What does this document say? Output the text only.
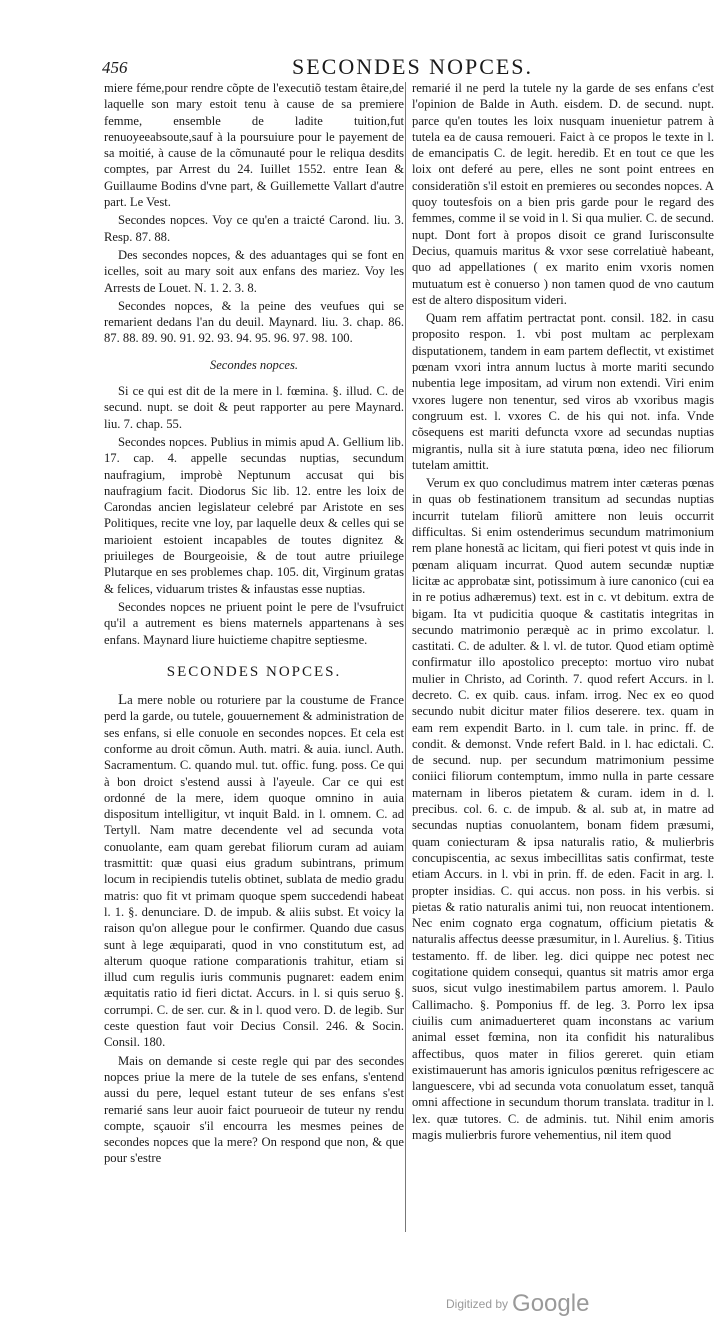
456	SECONDES NOPCES.

miere féme,pour rendre cõpte de l'executiõ testam êtaire,de laquelle son mary estoit tenu à cause de sa premiere femme, ensemble de ladite tuition,fut renuoyeeabsoute,sauf à la poursuiure pour le payement de sa moitié, à cause de la cõmunauté pour le reliqua desdits comptes, par Arrest du 24. Iuillet 1552. entre Iean & Guillaume Bodins d'vne part, & Guillemette Vallart d'autre part. Le Vest.

Secondes nopces. Voy ce qu'en a traicté Carond. liu. 3. Resp. 87. 88.

Des secondes nopces, & des aduantages qui se font en icelles, soit au mary soit aux enfans des mariez. Voy les Arrests de Louet. N. 1. 2. 3. 8.

Secondes nopces, & la peine des veufues qui se remarient dedans l'an du deuil. Maynard. liu. 3. chap. 86. 87. 88. 89. 90. 91. 92. 93. 94. 95. 96. 97. 98. 100.

Secondes nopces.

Si ce qui est dit de la mere in l. fœmina. §. illud. C. de secund. nupt. se doit & peut rapporter au pere Maynard. liu. 7. chap. 55.

Secondes nopces. Publius in mimis apud A. Gellium lib. 17. cap. 4. appelle secundas nuptias, secundum naufragium, improbè Neptunum accusat qui bis naufragium facit. Diodorus Sic lib. 12. entre les loix de Carondas ancien legislateur celebré par Aristote en ses Politiques, recite vne loy, par laquelle deux & celles qui se marioient estoient incapables de toutes dignitez & priuileges de Bourgeoisie, & de tout autre priuilege Plutarque en ses problemes chap. 105. dit, Virginum gratas & felices, viduarum tristes & infaustas esse nuptias.

Secondes nopces ne priuent point le pere de l'vsufruict qu'il a autrement es biens maternels appartenans à ses enfans. Maynard liure huictieme chapitre septiesme.

SECONDES NOPCES.

La mere noble ou roturiere par la coustume de France perd la garde, ou tutele, gouuernement & administration de ses enfans, si elle conuole en secondes nopces. Et cela est conforme au droit cõmun. Auth. matri. & auia. iuncl. Auth. Sacramentum. C. quando mul. tut. offic. fung. poss. Ce qui à bon droict s'estend aussi à l'ayeule. Car ce qui est ordonné de la mere, idem quoque omnino in auia dispositum intelligitur, vt inquit Bald. in l. omnem. C. ad Tertyll. Nam matre decendente vel ad secunda vota conuolante, eam quam gerebat filiorum curam ad auiam trasmittit: quæ quasi eius gradum subintrans, primum locum in recipiendis tutelis obtinet, sublata de medio gradu matris: quo fit vt primam quoque spem succedendi habeat l. 1. §. denunciare. D. de impub. & aliis subst. Et voicy la raison qu'on allegue pour le confirmer. Quando due casus sunt à lege æquiparati, quod in vno constitutum est, ad alterum quoque ratione comparationis trahitur, etiam si illud cum regulis iuris communis pugnaret: eadem enim æquitatis ratio id fieri dictat. Accurs. in l. si quis seruo §. corrumpi. C. de ser. cur. & in l. quod vero. D. de legib. Sur ceste question faut voir Decius Consil. 246. & Socin. Consil. 180.

Mais on demande si ceste regle qui par des secondes nopces priue la mere de la tutele de ses enfans, s'entend aussi du pere, lequel estant tuteur de ses enfans s'est remarié sans leur auoir faict pourueoir de tuteur ny rendu compte, sçauoir s'il encourra les mesmes peines de secondes nopces que la mere? On respond que non, & que pour s'estre

remarié il ne perd la tutele ny la garde de ses enfans c'est l'opinion de Balde in Auth. eisdem. D. de secund. nupt. parce qu'en toutes les loix nusquam inuenietur patrem à tutela ea de causa remoueri. Faict à ce propos le texte in l. de emancipatis C. de legit. heredib. Et en tout ce que les loix ont deferé au pere, elles ne sont point entrees en consideratiõn s'il estoit en premieres ou secondes nopces. A quoy toutesfois on a bien pris garde pour le regard des femmes, comme il se void in l. Si qua mulier. C. de secund. nupt. Dont fort à propos disoit ce grand Iurisconsulte Decius, quamuis maritus & vxor sese correlatiuè habeant, quo ad appellationes ( ex marito enim vxoris nomen mutuatum est è conuerso ) non tamen quod de vno cautum est de altero dispositum videri.

Quam rem affatim pertractat pont. consil. 182. in casu proposito respon. 1. vbi post multam ac perplexam disputationem, tandem in eam partem deflectit, vt existimet pœnam vxori intra annum luctus à morte mariti secundo nubentia lege impositam, ad virum non extendi. Viri enim vxores lugere non tenentur, sed viros ab vxoribus magis congruum est. l. vxores C. de his qui not. infa. Vnde cõsequens est mariti defuncta vxore ad secundas nuptias migrantis, nulla sit à iure statuta pœna, ideo nec filiorum tutelam amittit.

Verum ex quo concludimus matrem inter cæteras pœnas in quas ob festinationem transitum ad secundas nuptias incurrit tutelam filiorũ amittere non leuis occurrit difficultas. Si enim ostenderimus secundum matrimonium rem plane honestã ac licitam, qui fieri potest vt quis inde in pœnam aliquam incurrat. Quod autem secundæ nuptiæ licitæ ac approbatæ sint, potissimum à iure canonico (cui ea in re potius adhæremus) text. est in c. vt debitum. extra de bigam. Ita vt pudicitia quoque & castitatis integritas in secundo matrimonio peræquè ac in primo excolatur. l. castitati. C. de adulter. & l. vl. de tutor. Quod etiam optimè confirmatur illo apostolico precepto: mortuo viro nubat mulier in Christo, ad Corinth. 7. quod refert Accurs. in l. decreto. C. ex quib. caus. infam. irrog. Nec ex eo quod secundo nubit dicitur mater filios deserere. tex. quam in eam rem expendit Barto. in l. cum tale. in princ. ff. de condit. & demonst. Vnde refert Bald. in l. hac edictali. C. de secund. nup. per secundum matrimonium pessime coniici filiorum contemptum, immo nulla in parte cessare maternam in liberos pietatem & curam. idem in d. l. precibus. col. 6. c. de impub. & al. sub at, in matre ad secundas nuptias conuolantem, bonam fidem præsumi, quam coniecturam & ipsa naturalis ratio, & mulierbris concupiscentia, ac sexus imbecillitas satis confirmat, teste etiam Accurs. in l. vbi in prin. ff. de eden. Facit in arg. l. propter insidias. C. qui accus. non poss. in his verbis. si pietas & ratio naturalis animi tui, non reuocat intentionem. Nec enim cognato erga cognatum, officium pietatis & naturalis affectus deesse præsumitur, in l. Aurelius. §. Titius testamento. ff. de liber. leg. dici quippe nec potest nec cogitatione quidem consequi, quantus sit matris amor erga suos, sicut vulgo inestimabilem partus amorem. l. Paulo Callimacho. §. Pomponius ff. de leg. 3. Porro lex ipsa ciuilis cum animaduerteret quam inconstans ac varium animal esset fœmina, non ita confidit his naturalibus affectibus, quos mater in filios gereret. quin etiam existimauerunt has amoris igniculos pœnitus refrigescere ac languescere, vbi ad secunda vota conuolatum esset, tanquã omni affectione in secundum thorum translata. traditur in l. lex. quæ tutores. C. de adminis. tut. Nihil enim amoris magis mulierbris furore vehementius, nil item quod

Digitized by Google
